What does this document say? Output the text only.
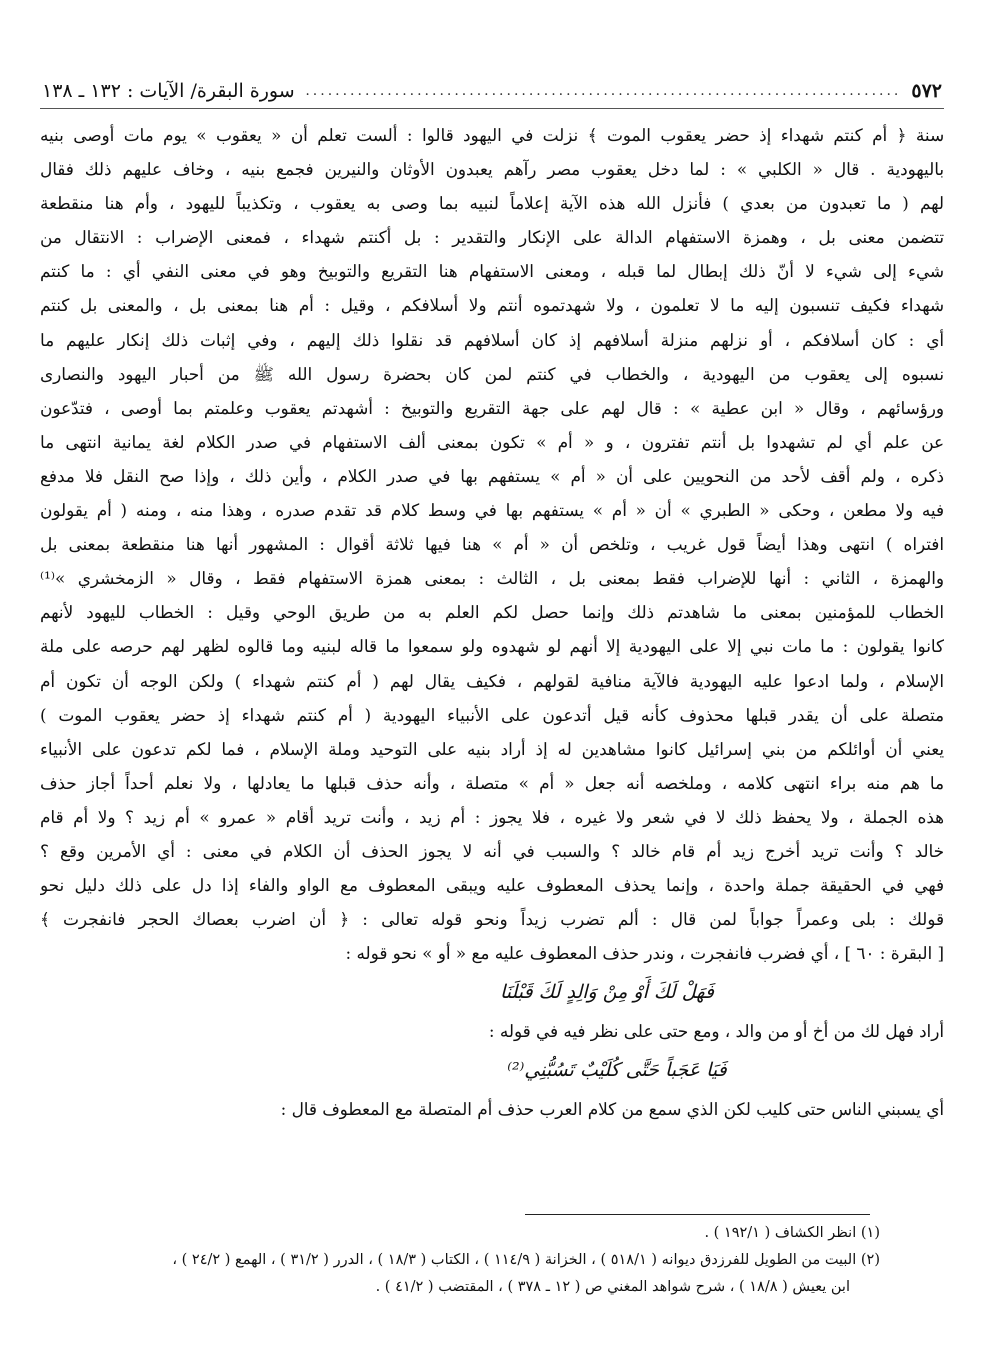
٥٧٢
.....
سورة البقرة/ الآيات : ١٣٢ ـ ١٣٨
سنة ﴿ أم كنتم شهداء إذ حضر يعقوب الموت ﴾ نزلت في اليهود قالوا : ألست تعلم أن « يعقوب » يوم مات أوصى بنيه
باليهودية . قال « الكلبي » : لما دخل يعقوب مصر رآهم يعبدون الأوثان والنيرين فجمع بنيه ، وخاف عليهم ذلك فقال
لهم ( ما تعبدون من بعدي ) فأنزل الله هذه الآية إعلاماً لنبيه بما وصى به يعقوب ، وتكذيباً لليهود ، وأم هنا منقطعة
تتضمن معنى بل ، وهمزة الاستفهام الدالة على الإنكار والتقدير : بل أكنتم شهداء ، فمعنى الإضراب : الانتقال من
شيء إلى شيء لا أنّ ذلك إبطال لما قبله ، ومعنى الاستفهام هنا التقريع والتوبيخ وهو في معنى النفي أي : ما كنتم
شهداء فكيف تنسبون إليه ما لا تعلمون ، ولا شهدتموه أنتم ولا أسلافكم ، وقيل : أم هنا بمعنى بل ، والمعنى بل كنتم
أي : كان أسلافكم ، أو نزلهم منزلة أسلافهم إذ كان أسلافهم قد نقلوا ذلك إليهم ، وفي إثبات ذلك إنكار عليهم ما
نسبوه إلى يعقوب من اليهودية ، والخطاب في كنتم لمن كان بحضرة رسول الله ﷺ من أحبار اليهود والنصارى
ورؤسائهم ، وقال « ابن عطية » : قال لهم على جهة التقريع والتوبيخ : أشهدتم يعقوب وعلمتم بما أوصى ، فتدّعون
عن علم أي لم تشهدوا بل أنتم تفترون ، و « أم » تكون بمعنى ألف الاستفهام في صدر الكلام لغة يمانية انتهى ما
ذكره ، ولم أقف لأحد من النحويين على أن « أم » يستفهم بها في صدر الكلام ، وأين ذلك ، وإذا صح النقل فلا مدفع
فيه ولا مطعن ، وحكى « الطبري » أن « أم » يستفهم بها في وسط كلام قد تقدم صدره ، وهذا منه ، ومنه ( أم يقولون
افتراه ) انتهى وهذا أيضاً قول غريب ، وتلخص أن « أم » هنا فيها ثلاثة أقوال : المشهور أنها هنا منقطعة بمعنى بل
والهمزة ، الثاني : أنها للإضراب فقط بمعنى بل ، الثالث : بمعنى همزة الاستفهام فقط ، وقال « الزمخشري »⁽¹⁾
الخطاب للمؤمنين بمعنى ما شاهدتم ذلك وإنما حصل لكم العلم به من طريق الوحي وقيل : الخطاب لليهود لأنهم
كانوا يقولون : ما مات نبي إلا على اليهودية إلا أنهم لو شهدوه ولو سمعوا ما قاله لبنيه وما قالوه لظهر لهم حرصه على ملة
الإسلام ، ولما ادعوا عليه اليهودية فالآية منافية لقولهم ، فكيف يقال لهم ( أم كنتم شهداء ) ولكن الوجه أن تكون أم
متصلة على أن يقدر قبلها محذوف كأنه قيل أتدعون على الأنبياء اليهودية ( أم كنتم شهداء إذ حضر يعقوب الموت )
يعني أن أوائلكم من بني إسرائيل كانوا مشاهدين له إذ أراد بنيه على التوحيد وملة الإسلام ، فما لكم تدعون على الأنبياء
ما هم منه براء انتهى كلامه ، وملخصه أنه جعل « أم » متصلة ، وأنه حذف قبلها ما يعادلها ، ولا نعلم أحداً أجاز حذف
هذه الجملة ، ولا يحفظ ذلك لا في شعر ولا غيره ، فلا يجوز : أم زيد ، وأنت تريد أقام « عمرو » أم زيد ؟ ولا أم قام
خالد ؟ وأنت تريد أخرج زيد أم قام خالد ؟ والسبب في أنه لا يجوز الحذف أن الكلام في معنى : أي الأمرين وقع ؟
فهي في الحقيقة جملة واحدة ، وإنما يحذف المعطوف عليه ويبقى المعطوف مع الواو والفاء إذا دل على ذلك دليل نحو
قولك : بلى وعمراً جواباً لمن قال : ألم تضرب زيداً ونحو قوله تعالى : ﴿ أن اضرب بعصاك الحجر فانفجرت ﴾
[ البقرة : ٦٠ ] ، أي فضرب فانفجرت ، وندر حذف المعطوف عليه مع « أو » نحو قوله :
فَهَلْ لَكَ أَوْ مِنْ وَالِدٍ لَكَ قَبْلَنَا
أراد فهل لك من أخ أو من والد ، ومع حتى على نظر فيه في قوله :
فَيَا عَجَباً حَتَّى كُلَيْبٌ تَسُبُّنِي⁽²⁾
أي يسبني الناس حتى كليب لكن الذي سمع من كلام العرب حذف أم المتصلة مع المعطوف قال :
(١) انظر الكشاف ( ١٩٢/١ ) .
(٢) البيت من الطويل للفرزدق ديوانه ( ٥١٨/١ ) ، الخزانة ( ١١٤/٩ ) ، الكتاب ( ١٨/٣ ) ، الدرر ( ٣١/٢ ) ، الهمع ( ٢٤/٢ ) ،
ابن يعيش ( ١٨/٨ ) ، شرح شواهد المغني ص ( ١٢ ـ ٣٧٨ ) ، المقتضب ( ٤١/٢ ) .
